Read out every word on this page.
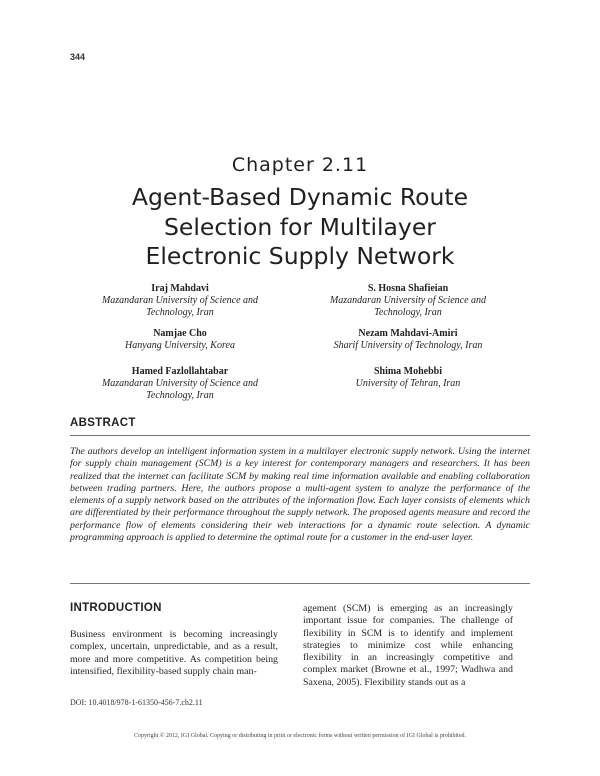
344
Chapter 2.11
Agent-Based Dynamic Route
Selection for Multilayer
Electronic Supply Network
Iraj Mahdavi
Mazandaran University of Science and
Technology, Iran
S. Hosna Shafieian
Mazandaran University of Science and
Technology, Iran
Namjae Cho
Hanyang University, Korea
Nezam Mahdavi-Amiri
Sharif University of Technology, Iran
Hamed Fazlollahtabar
Mazandaran University of Science and
Technology, Iran
Shima Mohebbi
University of Tehran, Iran
ABSTRACT
The authors develop an intelligent information system in a multilayer electronic supply network. Using the internet for supply chain management (SCM) is a key interest for contemporary managers and researchers. It has been realized that the internet can facilitate SCM by making real time information available and enabling collaboration between trading partners. Here, the authors propose a multi-agent system to analyze the performance of the elements of a supply network based on the attributes of the information flow. Each layer consists of elements which are differentiated by their performance throughout the supply network. The proposed agents measure and record the performance flow of elements considering their web interactions for a dynamic route selection. A dynamic programming approach is applied to determine the optimal route for a customer in the end-user layer.
INTRODUCTION
Business environment is becoming increasingly complex, uncertain, unpredictable, and as a result, more and more competitive. As competition being intensified, flexibility-based supply chain man-
agement (SCM) is emerging as an increasingly important issue for companies. The challenge of flexibility in SCM is to identify and implement strategies to minimize cost while enhancing flexibility in an increasingly competitive and complex market (Browne et al., 1997; Wadhwa and Saxena, 2005). Flexibility stands out as a
DOI: 10.4018/978-1-61350-456-7.ch2.11
Copyright © 2012, IGI Global. Copying or distributing in print or electronic forms without written permission of IGI Global is prohibited.
